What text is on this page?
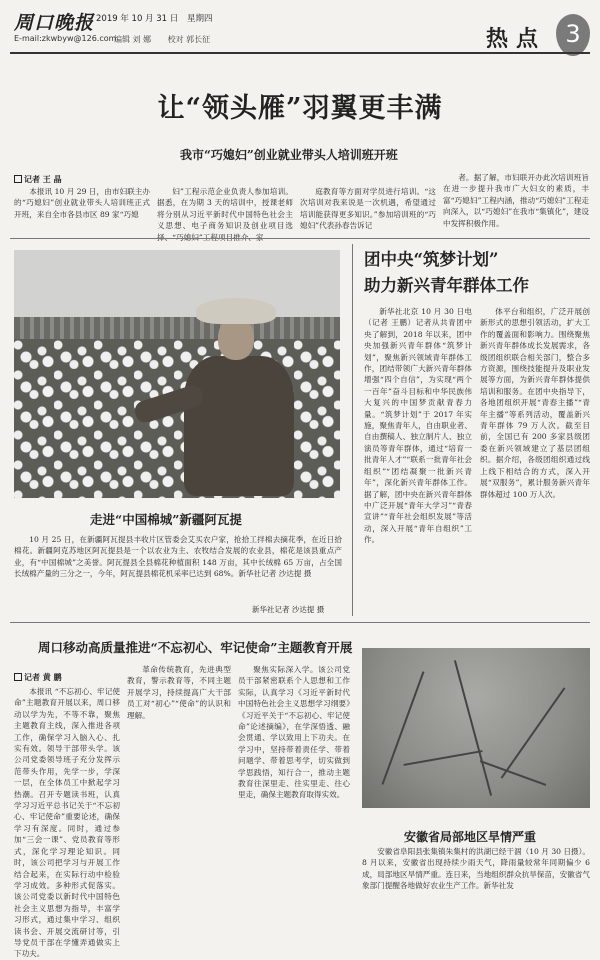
周口晚报
E-mail:zkwbyw@126.com
2019 年 10 月 31 日 星期四
编辑 刘 娜 校对 郭长征	热点 3
让“领头雁”羽翼更丰满
我市“巧媳妇”创业就业带头人培训班开班
记者 王 晶

本报讯 10 月 29 日，由市妇联主办的“巧媳妇”创业就业带头人培训班正式开班，来自全市各县市区 89 家“巧媳

妇”工程示范企业负责人参加培训。据悉，在为期 3 天的培训中，授课老师将分别从习近平新时代中国特色社会主义思想、电子商务知识及创业项目选

庭教育等方面对学员进行培训。“这次培训对我来说是一次机遇，希望通过培训能获得更多知识。”参加培训班的“巧媳妇”代表孙春告诉记

者。据了解，市妇联开办此次培训班旨在进一步提升我市广大妇女的素质，丰富“巧媳妇”工程内涵，推动“巧媳妇”工程走向深入，以“巧媳妇”在我市“集镇化”，建设中发挥积极作用。

走进“中国棉城”新疆阿瓦提

10 月 25 日，在新疆阿瓦提县丰收片区管委会艾买农户家，抢拾工拌棉去摘花季，在近日拾棉花。新疆阿克苏地区阿瓦提县是一个以农业为主、农牧结合发展的农业县，棉花是该县重点产业，有“中国棉城”之美誉。阿瓦提县全县棉花种植面积 148 万亩，其中长绒棉 65 万亩，占全国长绒棉产量的三分之一，今年，阿瓦提县棉花机采率已达到 68%。新华社记者 沙达提 摄

新华社记者 沙达提 摄
团中央“筑梦计划”
助力新兴青年群体工作

新华社北京 10 月 30 日电（记者 王鹏）记者从共青团中央了解到，2018 年以来，团中央加强新兴青年群体“筑梦计划”，聚焦新兴领域青年群体工作，团结带领广大新兴青年群体增强“四个自信”，为实现“两个一百年”奋斗目标和中华民族伟大复兴的中国梦贡献青春力量。“筑梦计划”于 2017 年实施，聚焦青年人，自由职业者、自由撰稿人、独立制片人、独立演员等青年群体，通过“培育一批青年人才”“联系一批青年社会组织”“团结凝聚一批新兴青年”，深化新兴青年群体工作。据了解，团中央在新兴青年群体中广泛开展“青年大学习”“青春宣讲”“青年社会组织发展”等活动，深入开展“青年自组织”工作。

体平台和组织，广泛开展创新形式的思想引领活动，扩大工作的覆盖面和影响力。围绕聚焦新兴青年群体成长发展需求，各级团组织联合相关部门，整合多方资源，围绕技能提升及职业发展等方面，为新兴青年群体提供培训和服务。在团中央指导下，各地团组织开展“青春主播”“青年主播”等系列活动，覆盖新兴青年群体 79 万人次。截至目前，全国已有 200 多家县级团委在新兴领域建立了基层团组织。据介绍，各级团组织通过线上线下相结合的方式，深入开展“双服务”，累计服务新兴青年群体超过 100 万人次。

周口移动高质量推进“不忘初心、牢记使命”主题教育开展
记者 黄 鹏

本报讯 “不忘初心、牢记使命”主题教育开展以来，周口移动以学为先，不等不靠，聚焦主题教育主线，深入推进各项工作，确保学习入脑入心、扎实有效。领导干部带头学。该公司党委领导班子充分发挥示范带头作用，先学一步，学深一层，在全体员工中掀起学习热潮。召开专题读书班，认真学习习近平总书记关于“不忘初心、牢记使命”重要论述，确保学习有深度。同时，通过参加“三会一课”、党员教育等形式，深化学习理论知识。同时，该公司把学习与开展工作结合起来，在实际行动中检验学习成效。多种形式促落实。该公司党委以新时代中国特色社会主义思想为指导，丰富学习形式，通过集中学习、组织读书会、开展交流研讨等，引导党员干部在学懂弄通做实上下功夫。

革命传统教育，先进典型教育，警示教育等，不同主题开展学习，持续提高广大干部员工对“初心”“使命”的认识和理解。

聚焦实际深入学。该公司党员干部紧密联系个人思想和工作实际，认真学习《习近平新时代中国特色社会主义思想学习纲要》《习近平关于“不忘初心、牢记使命”论述摘编》，在学深悟透、融会贯通、学以致用上下功夫。在学习中，坚持带着责任学、带着问题学、带着思考学，切实做到学思践悟，知行合一，推动主题教育往深里走、往实里走、往心里走，确保主题教育取得实效。

安徽省局部地区旱情严重

安徽省阜阳县张集镇朱集村的洪湖已经干涸（10 月 30 日摄）。8 月以来，安徽省出现持续少雨天气，降雨量较常年同期偏少 6 成，局部地区旱情严重。连日来，当地组织群众抗旱保苗，安徽省气象部门提醒各地做好农业生产工作。新华社发
